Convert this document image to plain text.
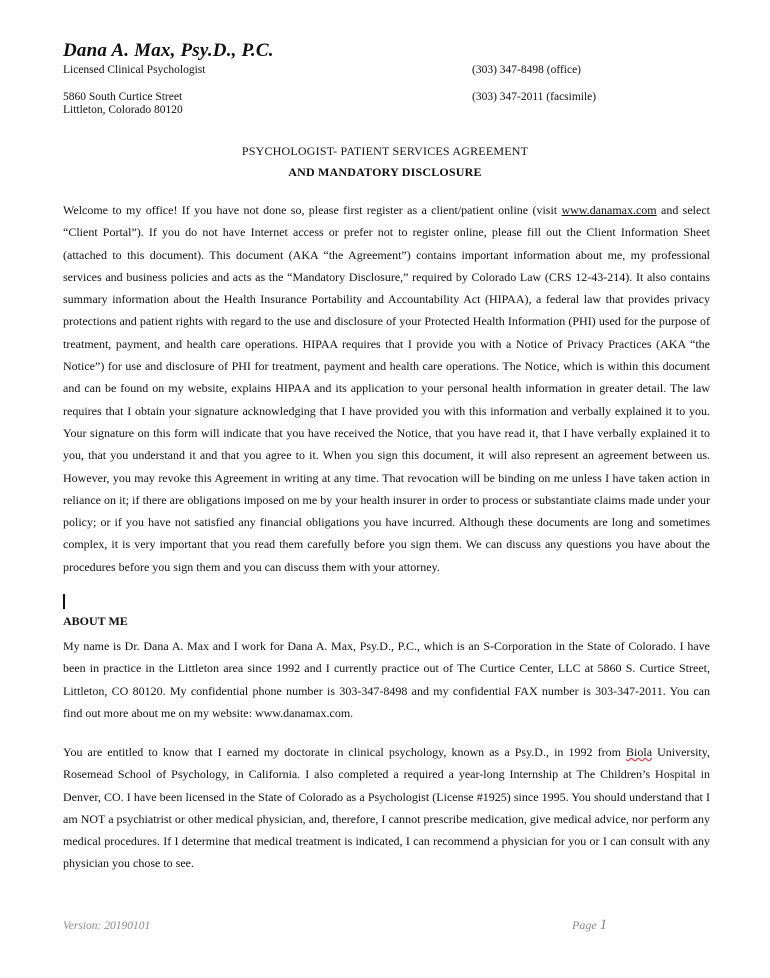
Dana A. Max, Psy.D., P.C.
Licensed Clinical Psychologist	(303) 347-8498 (office)
5860 South Curtice Street
Littleton, Colorado 80120
(303) 347-2011 (facsimile)
PSYCHOLOGIST- PATIENT SERVICES AGREEMENT
AND MANDATORY DISCLOSURE
Welcome to my office! If you have not done so, please first register as a client/patient online (visit www.danamax.com and select “Client Portal”). If you do not have Internet access or prefer not to register online, please fill out the Client Information Sheet (attached to this document). This document (AKA “the Agreement”) contains important information about me, my professional services and business policies and acts as the “Mandatory Disclosure,” required by Colorado Law (CRS 12-43-214). It also contains summary information about the Health Insurance Portability and Accountability Act (HIPAA), a federal law that provides privacy protections and patient rights with regard to the use and disclosure of your Protected Health Information (PHI) used for the purpose of treatment, payment, and health care operations. HIPAA requires that I provide you with a Notice of Privacy Practices (AKA “the Notice”) for use and disclosure of PHI for treatment, payment and health care operations. The Notice, which is within this document and can be found on my website, explains HIPAA and its application to your personal health information in greater detail. The law requires that I obtain your signature acknowledging that I have provided you with this information and verbally explained it to you. Your signature on this form will indicate that you have received the Notice, that you have read it, that I have verbally explained it to you, that you understand it and that you agree to it. When you sign this document, it will also represent an agreement between us. However, you may revoke this Agreement in writing at any time. That revocation will be binding on me unless I have taken action in reliance on it; if there are obligations imposed on me by your health insurer in order to process or substantiate claims made under your policy; or if you have not satisfied any financial obligations you have incurred. Although these documents are long and sometimes complex, it is very important that you read them carefully before you sign them. We can discuss any questions you have about the procedures before you sign them and you can discuss them with your attorney.
ABOUT ME
My name is Dr. Dana A. Max and I work for Dana A. Max, Psy.D., P.C., which is an S-Corporation in the State of Colorado. I have been in practice in the Littleton area since 1992 and I currently practice out of The Curtice Center, LLC at 5860 S. Curtice Street, Littleton, CO 80120. My confidential phone number is 303-347-8498 and my confidential FAX number is 303-347-2011. You can find out more about me on my website: www.danamax.com.
You are entitled to know that I earned my doctorate in clinical psychology, known as a Psy.D., in 1992 from Biola University, Rosemead School of Psychology, in California. I also completed a required a year-long Internship at The Children’s Hospital in Denver, CO. I have been licensed in the State of Colorado as a Psychologist (License #1925) since 1995. You should understand that I am NOT a psychiatrist or other medical physician, and, therefore, I cannot prescribe medication, give medical advice, nor perform any medical procedures. If I determine that medical treatment is indicated, I can recommend a physician for you or I can consult with any physician you chose to see.
Version: 20190101	Page 1
